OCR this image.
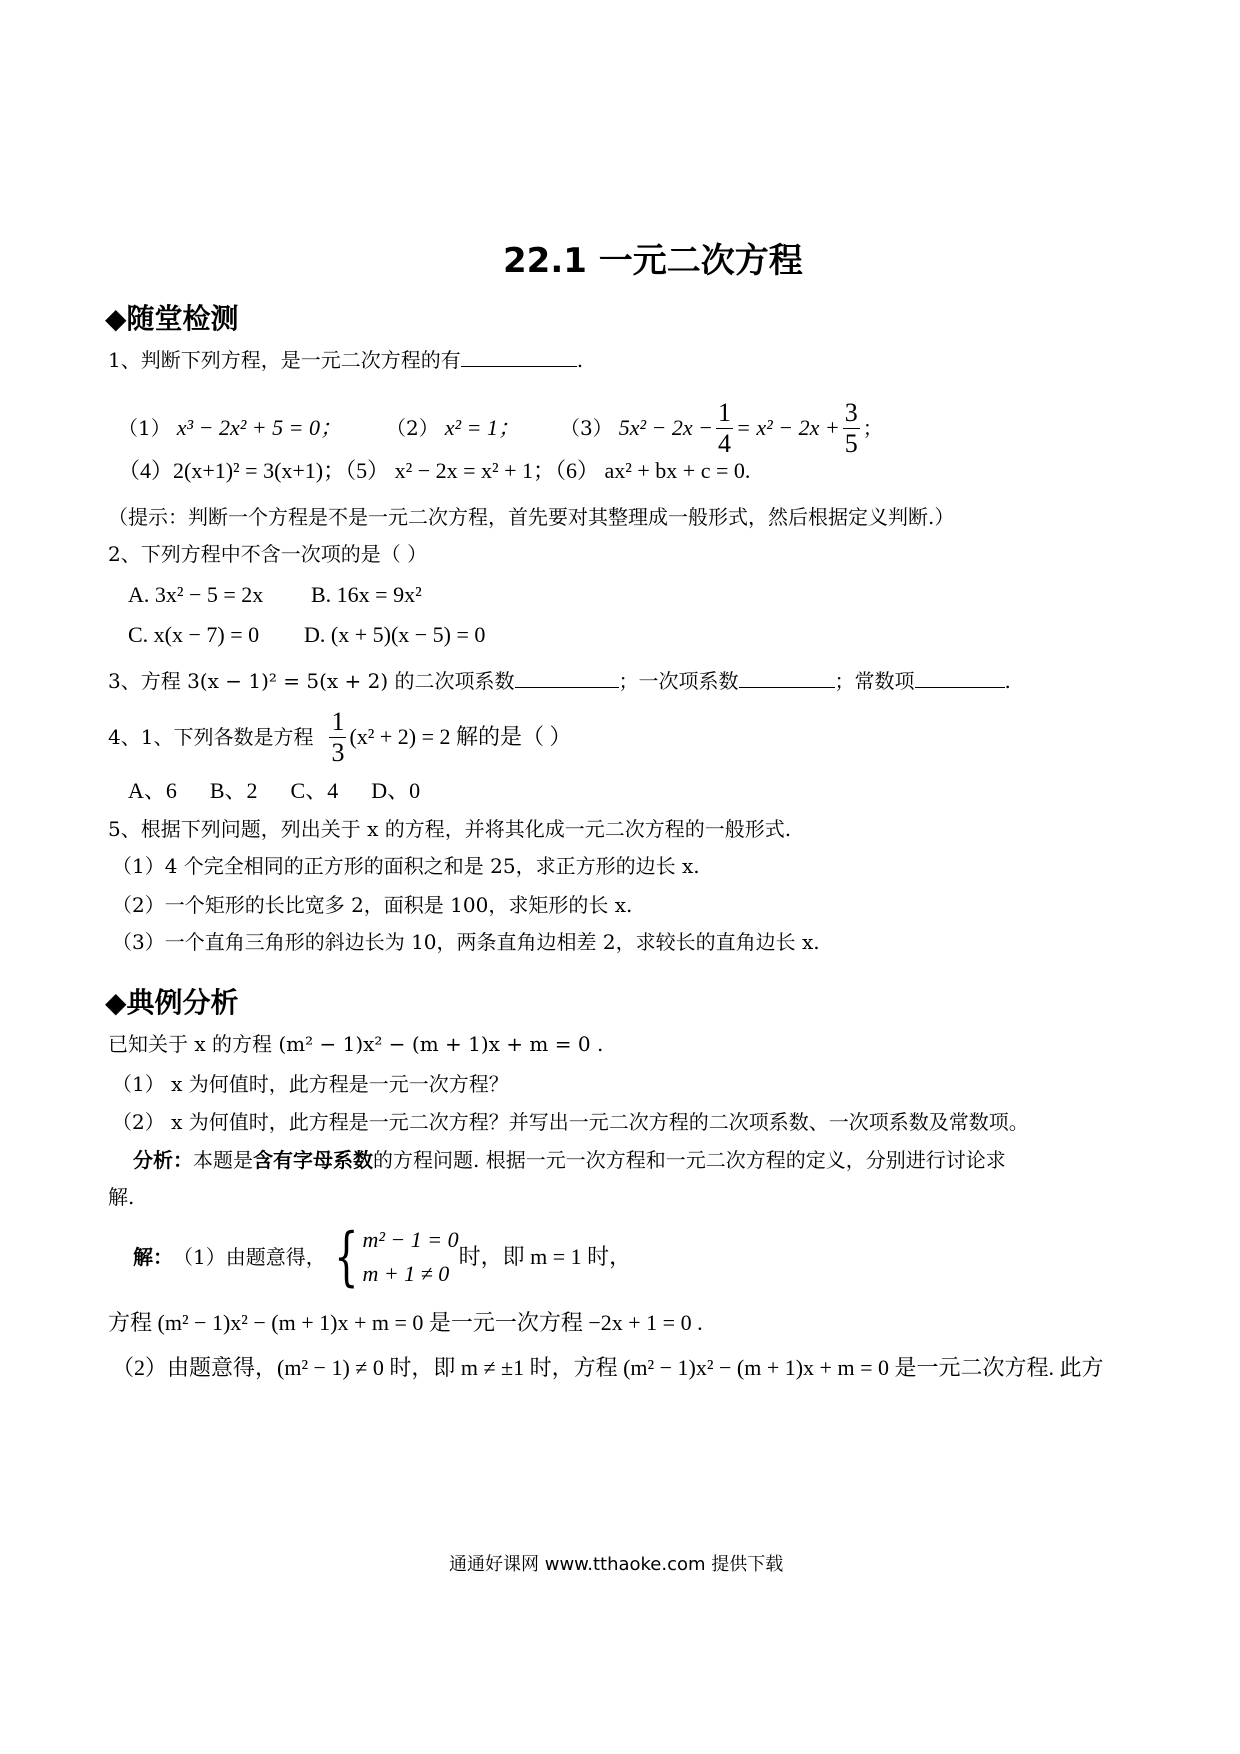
22.1 一元二次方程
◆随堂检测
1、判断下列方程，是一元二次方程的有	.
（1） x³ − 2x² + 5 = 0； （2） x² = 1； （3） $5x^2 - 2x - \frac{1}{4} = x^2 - 2x + \frac{3}{5}$ ；
（4）2(x+1)² = 3(x+1)；（5） x² − 2x = x² + 1；（6） ax² + bx + c = 0.
（提示：判断一个方程是不是一元二次方程，首先要对其整理成一般形式，然后根据定义判断.）
2、下列方程中不含一次项的是（ ）
A. 3x² − 5 = 2x B. 16x = 9x²
C. x(x − 7) = 0 D. (x + 5)(x − 5) = 0
3、方程 3(x − 1)² = 5(x + 2) 的二次项系数	；一次项系数	；常数项	.
4、1、下列各数是方程 $\frac{1}{3} (x^2 + 2) = 2$ 解的是（ ）
A、6      B、2      C、4      D、0
5、根据下列问题，列出关于 x 的方程，并将其化成一元二次方程的一般形式.
（1）4 个完全相同的正方形的面积之和是 25，求正方形的边长 x.
（2）一个矩形的长比宽多 2，面积是 100，求矩形的长 x.
（3）一个直角三角形的斜边长为 10，两条直角边相差 2，求较长的直角边长 x.
◆典例分析
已知关于 x 的方程 (m² − 1)x² − (m + 1)x + m = 0 .
（1） x 为何值时，此方程是一元一次方程？
（2） x 为何值时，此方程是一元二次方程？并写出一元二次方程的二次项系数、一次项系数及常数项。
分析：本题是含有字母系数的方程问题. 根据一元一次方程和一元二次方程的定义，分别进行讨论求
解.
解： （1）由题意得， { m² − 1 = 0
m + 1 ≠ 0
时，即 m = 1 时，
方程 (m² − 1)x² − (m + 1)x + m = 0 是一元一次方程 −2x + 1 = 0 .
（2）由题意得，(m² − 1) ≠ 0 时，即 m ≠ ±1 时，方程 (m² − 1)x² − (m + 1)x + m = 0 是一元二次方程. 此方
通通好课网 www.tthaoke.com 提供下载
